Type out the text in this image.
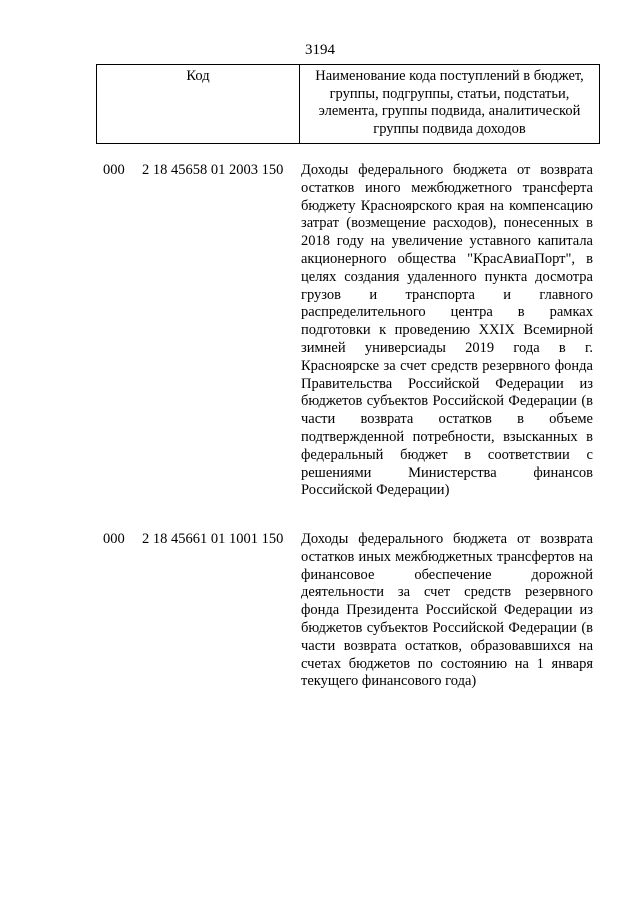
3194
Код	Наименование кода поступлений в бюджет, группы, подгруппы, статьи, подстатьи, элемента, группы подвида, аналитической группы подвида доходов
000 2 18 45658 01 2003 150 Доходы федерального бюджета от возврата остатков иного межбюджетного трансферта бюджету Красноярского края на компенсацию затрат (возмещение расходов), понесенных в 2018 году на увеличение уставного капитала акционерного общества "КрасАвиаПорт", в целях создания удаленного пункта досмотра грузов и транспорта и главного распределительного центра в рамках подготовки к проведению XXIX Всемирной зимней универсиады 2019 года в г. Красноярске за счет средств резервного фонда Правительства Российской Федерации из бюджетов субъектов Российской Федерации (в части возврата остатков в объеме подтвержденной потребности, взысканных в федеральный бюджет в соответствии с решениями Министерства финансов Российской Федерации)
000 2 18 45661 01 1001 150 Доходы федерального бюджета от возврата остатков иных межбюджетных трансфертов на финансовое обеспечение дорожной деятельности за счет средств резервного фонда Президента Российской Федерации из бюджетов субъектов Российской Федерации (в части возврата остатков, образовавшихся на счетах бюджетов по состоянию на 1 января текущего финансового года)
